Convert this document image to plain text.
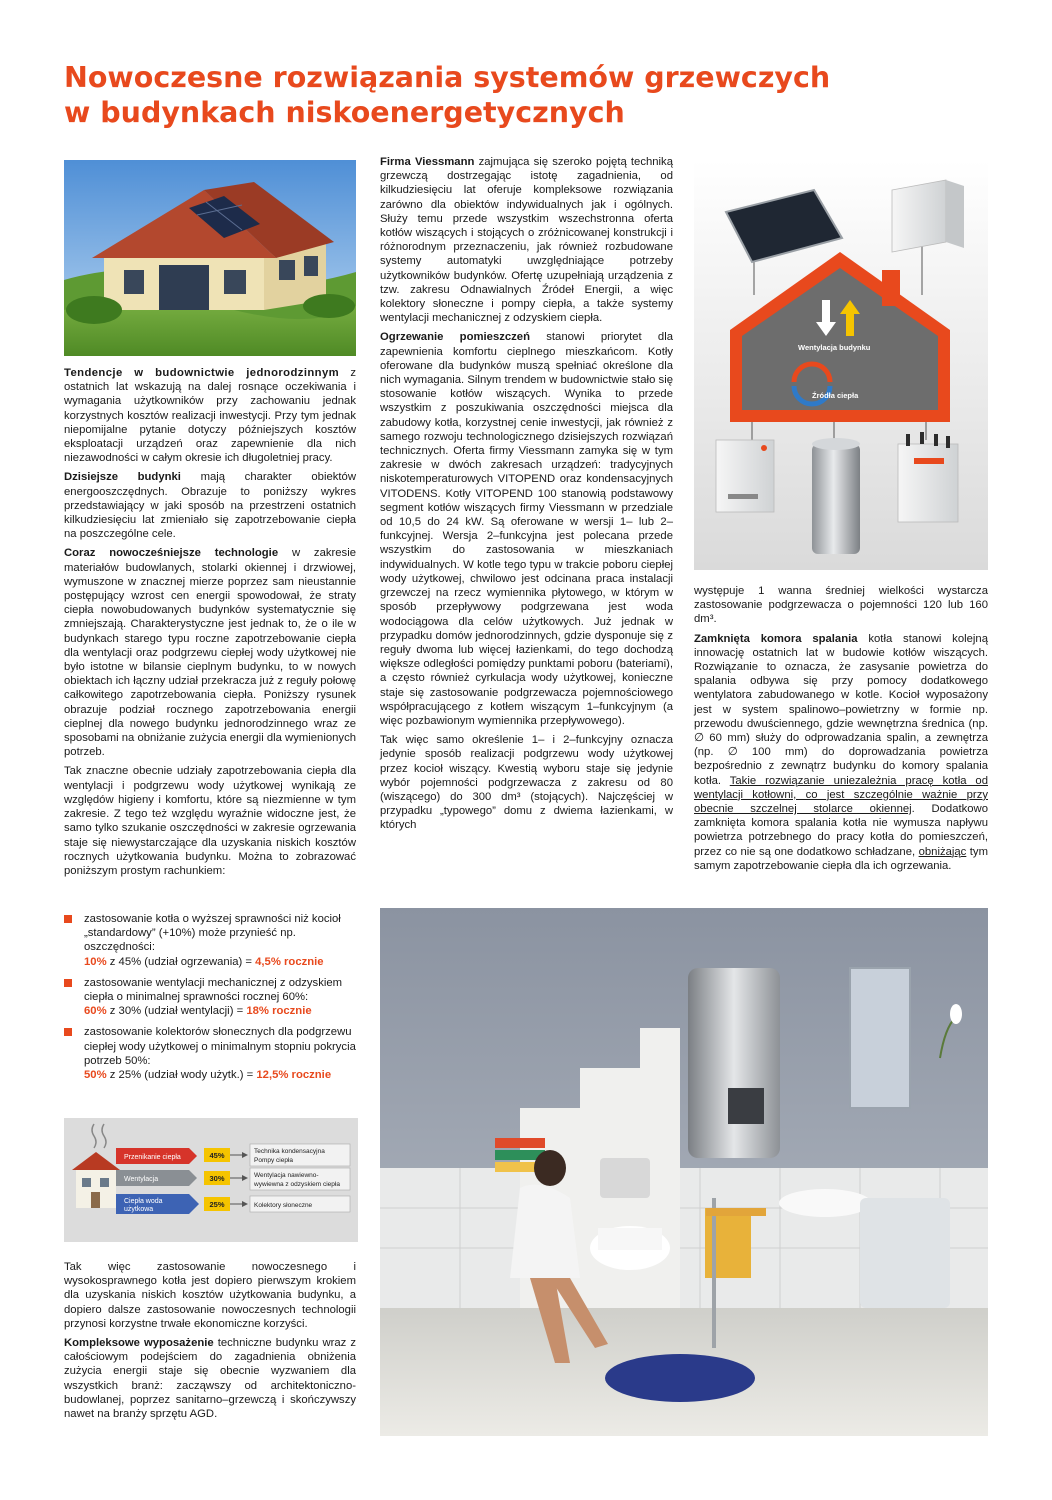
Nowoczesne rozwiązania systemów grzewczych
w budynkach niskoenergetycznych

Tendencje w budownictwie jednorodzinnym z ostatnich lat wskazują na dalej rosnące oczekiwania i wymagania użytkowników przy zachowaniu jednak korzystnych kosztów realizacji inwestycji. Przy tym jednak niepomijalne pytanie dotyczy późniejszych kosztów eksploatacji urządzeń oraz zapewnienie dla nich niezawodności w całym okresie ich długoletniej pracy.

Dzisiejsze budynki mają charakter obiektów energooszczędnych. Obrazuje to poniższy wykres przedstawiający w jaki sposób na przestrzeni ostatnich kilkudziesięciu lat zmieniało się zapotrzebowanie ciepła na poszczególne cele.

Coraz nowocześniejsze technologie w zakresie materiałów budowlanych, stolarki okiennej i drzwiowej, wymuszone w znacznej mierze poprzez sam nieustannie postępujący wzrost cen energii spowodował, że straty ciepła nowobudowanych budynków systematycznie się zmniejszają. Charakterystyczne jest jednak to, że o ile w budynkach starego typu roczne zapotrzebowanie ciepła dla wentylacji oraz podgrzewu ciepłej wody użytkowej nie było istotne w bilansie cieplnym budynku, to w nowych obiektach ich łączny udział przekracza już z reguły połowę całkowitego zapotrzebowania ciepła. Poniższy rysunek obrazuje podział rocznego zapotrzebowania energii cieplnej dla nowego budynku jednorodzinnego wraz ze sposobami na obniżanie zużycia energii dla wymienionych potrzeb.

Tak znaczne obecnie udziały zapotrzebowania ciepła dla wentylacji i podgrzewu wody użytkowej wynikają ze względów higieny i komfortu, które są niezmienne w tym zakresie. Z tego też względu wyraźnie widoczne jest, że samo tylko szukanie oszczędności w zakresie ogrzewania staje się niewystarczające dla uzyskania niskich kosztów rocznych użytkowania budynku. Można to zobrazować poniższym prostym rachunkiem:

zastosowanie kotła o wyższej sprawności niż kocioł „standardowy” (+10%) może przynieść np. oszczędności:
10% z 45% (udział ogrzewania) = 4,5% rocznie
zastosowanie wentylacji mechanicznej z odzyskiem ciepła o minimalnej sprawności rocznej 60%:
60% z 30% (udział wentylacji) = 18% rocznie
zastosowanie kolektorów słonecznych dla podgrzewu ciepłej wody użytkowej o minimalnym stopniu pokrycia potrzeb 50%:
50% z 25% (udział wody użytk.) = 12,5% rocznie
Przenikanie ciepła
Wentylacja
Ciepła woda
użytkowa
45%
30%
25%
Technika kondensacyjna
Pompy ciepła
Wentylacja nawiewno-
wywiewna z odzyskiem ciepła
Kolektory słoneczne

Tak więc zastosowanie nowoczesnego i wysokosprawnego kotła jest dopiero pierwszym krokiem dla uzyskania niskich kosztów użytkowania budynku, a dopiero dalsze zastosowanie nowoczesnych technologii przynosi korzystne trwałe ekonomiczne korzyści.

Kompleksowe wyposażenie techniczne budynku wraz z całościowym podejściem do zagadnienia obniżenia zużycia energii staje się obecnie wyzwaniem dla wszystkich branż: zacząwszy od architektoniczno-budowlanej, poprzez sanitarno–grzewczą i skończywszy nawet na branży sprzętu AGD.

Firma Viessmann zajmująca się szeroko pojętą techniką grzewczą dostrzegając istotę zagadnienia, od kilkudziesięciu lat oferuje kompleksowe rozwiązania zarówno dla obiektów indywidualnych jak i ogólnych. Służy temu przede wszystkim wszechstronna oferta kotłów wiszących i stojących o zróżnicowanej konstrukcji i różnorodnym przeznaczeniu, jak również rozbudowane systemy automatyki uwzględniające potrzeby użytkowników budynków. Ofertę uzupełniają urządzenia z tzw. zakresu Odnawialnych Źródeł Energii, a więc kolektory słoneczne i pompy ciepła, a także systemy wentylacji mechanicznej z odzyskiem ciepła.

Ogrzewanie pomieszczeń stanowi priorytet dla zapewnienia komfortu cieplnego mieszkańcom. Kotły oferowane dla budynków muszą spełniać określone dla nich wymagania. Silnym trendem w budownictwie stało się stosowanie kotłów wiszących. Wynika to przede wszystkim z poszukiwania oszczędności miejsca dla zabudowy kotła, korzystnej cenie inwestycji, jak również z samego rozwoju technologicznego dzisiejszych rozwiązań technicznych. Oferta firmy Viessmann zamyka się w tym zakresie w dwóch zakresach urządzeń: tradycyjnych niskotemperaturowych VITOPEND oraz kondensacyjnych VITODENS. Kotły VITOPEND 100 stanowią podstawowy segment kotłów wiszących firmy Viessmann w przedziale od 10,5 do 24 kW. Są oferowane w wersji 1– lub 2–funkcyjnej. Wersja 2–funkcyjna jest polecana przede wszystkim do zastosowania w mieszkaniach indywidualnych. W kotle tego typu w trakcie poboru ciepłej wody użytkowej, chwilowo jest odcinana praca instalacji grzewczej na rzecz wymiennika płytowego, w którym w sposób przepływowy podgrzewana jest woda wodociągowa dla celów użytkowych. Już jednak w przypadku domów jednorodzinnych, gdzie dysponuje się z reguły dwoma lub więcej łazienkami, do tego dochodzą większe odległości pomiędzy punktami poboru (bateriami), a często również cyrkulacja wody użytkowej, konieczne staje się zastosowanie podgrzewacza pojemnościowego współpracującego z kotłem wiszącym 1–funkcyjnym (a więc pozbawionym wymiennika przepływowego).

Tak więc samo określenie 1– i 2–funkcyjny oznacza jedynie sposób realizacji podgrzewu wody użytkowej przez kocioł wiszący. Kwestią wyboru staje się jedynie wybór pojemności podgrzewacza z zakresu od 80 (wiszącego) do 300 dm³ (stojących). Najczęściej w przypadku „typowego” domu z dwiema łazienkami, w których

Wentylacja budynku
Źródła ciepła

występuje 1 wanna średniej wielkości wystarcza zastosowanie podgrzewacza o pojemności 120 lub 160 dm³.

Zamknięta komora spalania kotła stanowi kolejną innowację ostatnich lat w budowie kotłów wiszących. Rozwiązanie to oznacza, że zasysanie powietrza do spalania odbywa się przy pomocy dodatkowego wentylatora zabudowanego w kotle. Kocioł wyposażony jest w system spalinowo–powietrzny w formie np. przewodu dwuściennego, gdzie wewnętrzna średnica (np. ∅ 60 mm) służy do odprowadzania spalin, a zewnętrza (np. ∅ 100 mm) do doprowadzania powietrza bezpośrednio z zewnątrz budynku do komory spalania kotła. Takie rozwiązanie uniezależnia pracę kotła od wentylacji kotłowni, co jest szczególnie ważnie przy obecnie szczelnej stolarce okiennej. Dodatkowo zamknięta komora spalania kotła nie wymusza napływu powietrza potrzebnego do pracy kotła do pomieszczeń, przez co nie są one dodatkowo schładzane, obniżając tym samym zapotrzebowanie ciepła dla ich ogrzewania.
